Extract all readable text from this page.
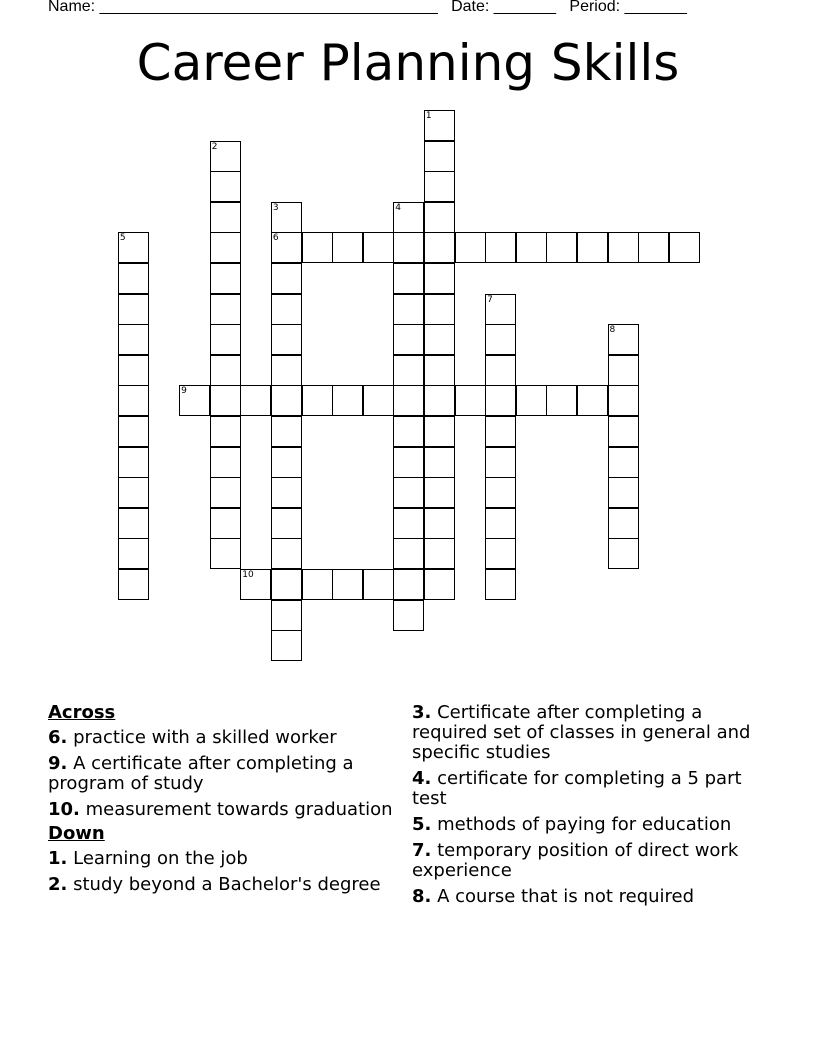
Name: ______________________________________ Date: _______ Period: _______
Career Planning Skills
1
2
3
6
4
5
7
8
9
10
Across
6. practice with a skilled worker
9. A certificate after completing a program of study
10. measurement towards graduation
Down
1. Learning on the job
2. study beyond a Bachelor's degree
3. Certificate after completing a required set of classes in general and specific studies
4. certificate for completing a 5 part test
5. methods of paying for education
7. temporary position of direct work experience
8. A course that is not required
